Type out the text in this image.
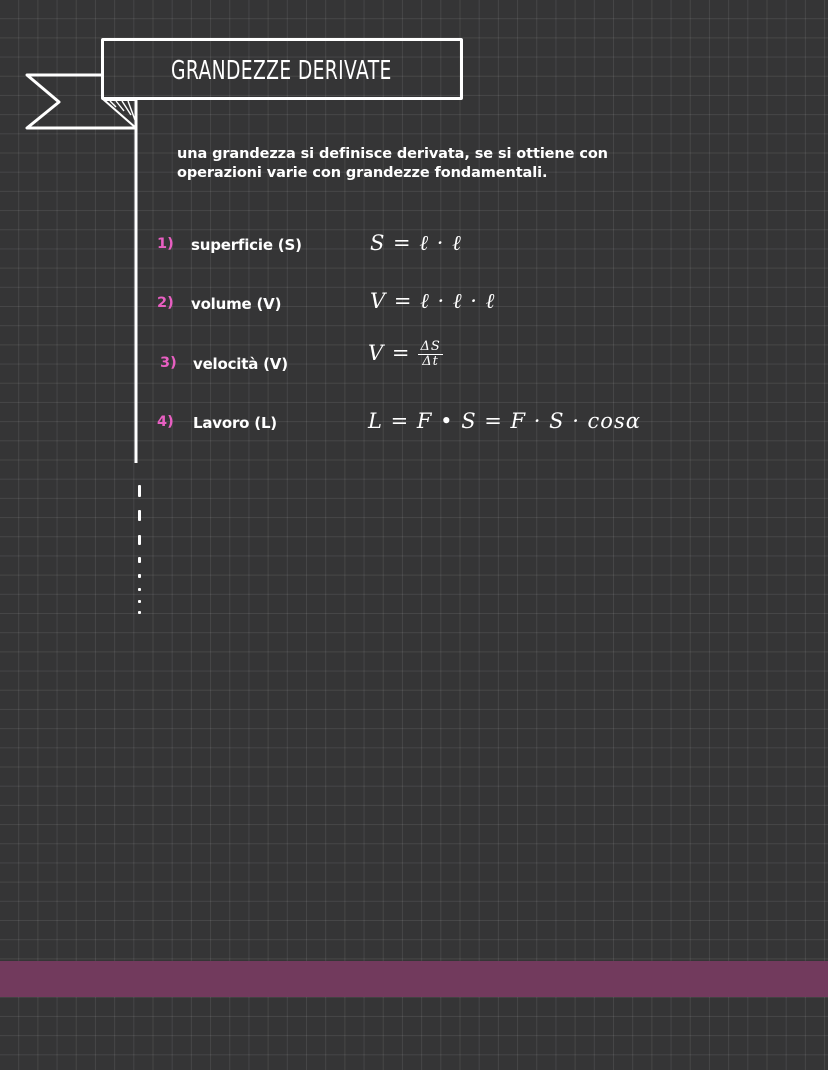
GRANDEZZE DERIVATE
una grandezza si definisce derivata, se si ottiene con operazioni varie con grandezze fondamentali.
1) superficie (S)	S = ℓ · ℓ
2) volume (V)	V = ℓ · ℓ · ℓ
3) velocità (V)	$V = \frac{\Delta S}{\Delta t}$
4) Lavoro (L)	L = F • S = F · S · cosα
